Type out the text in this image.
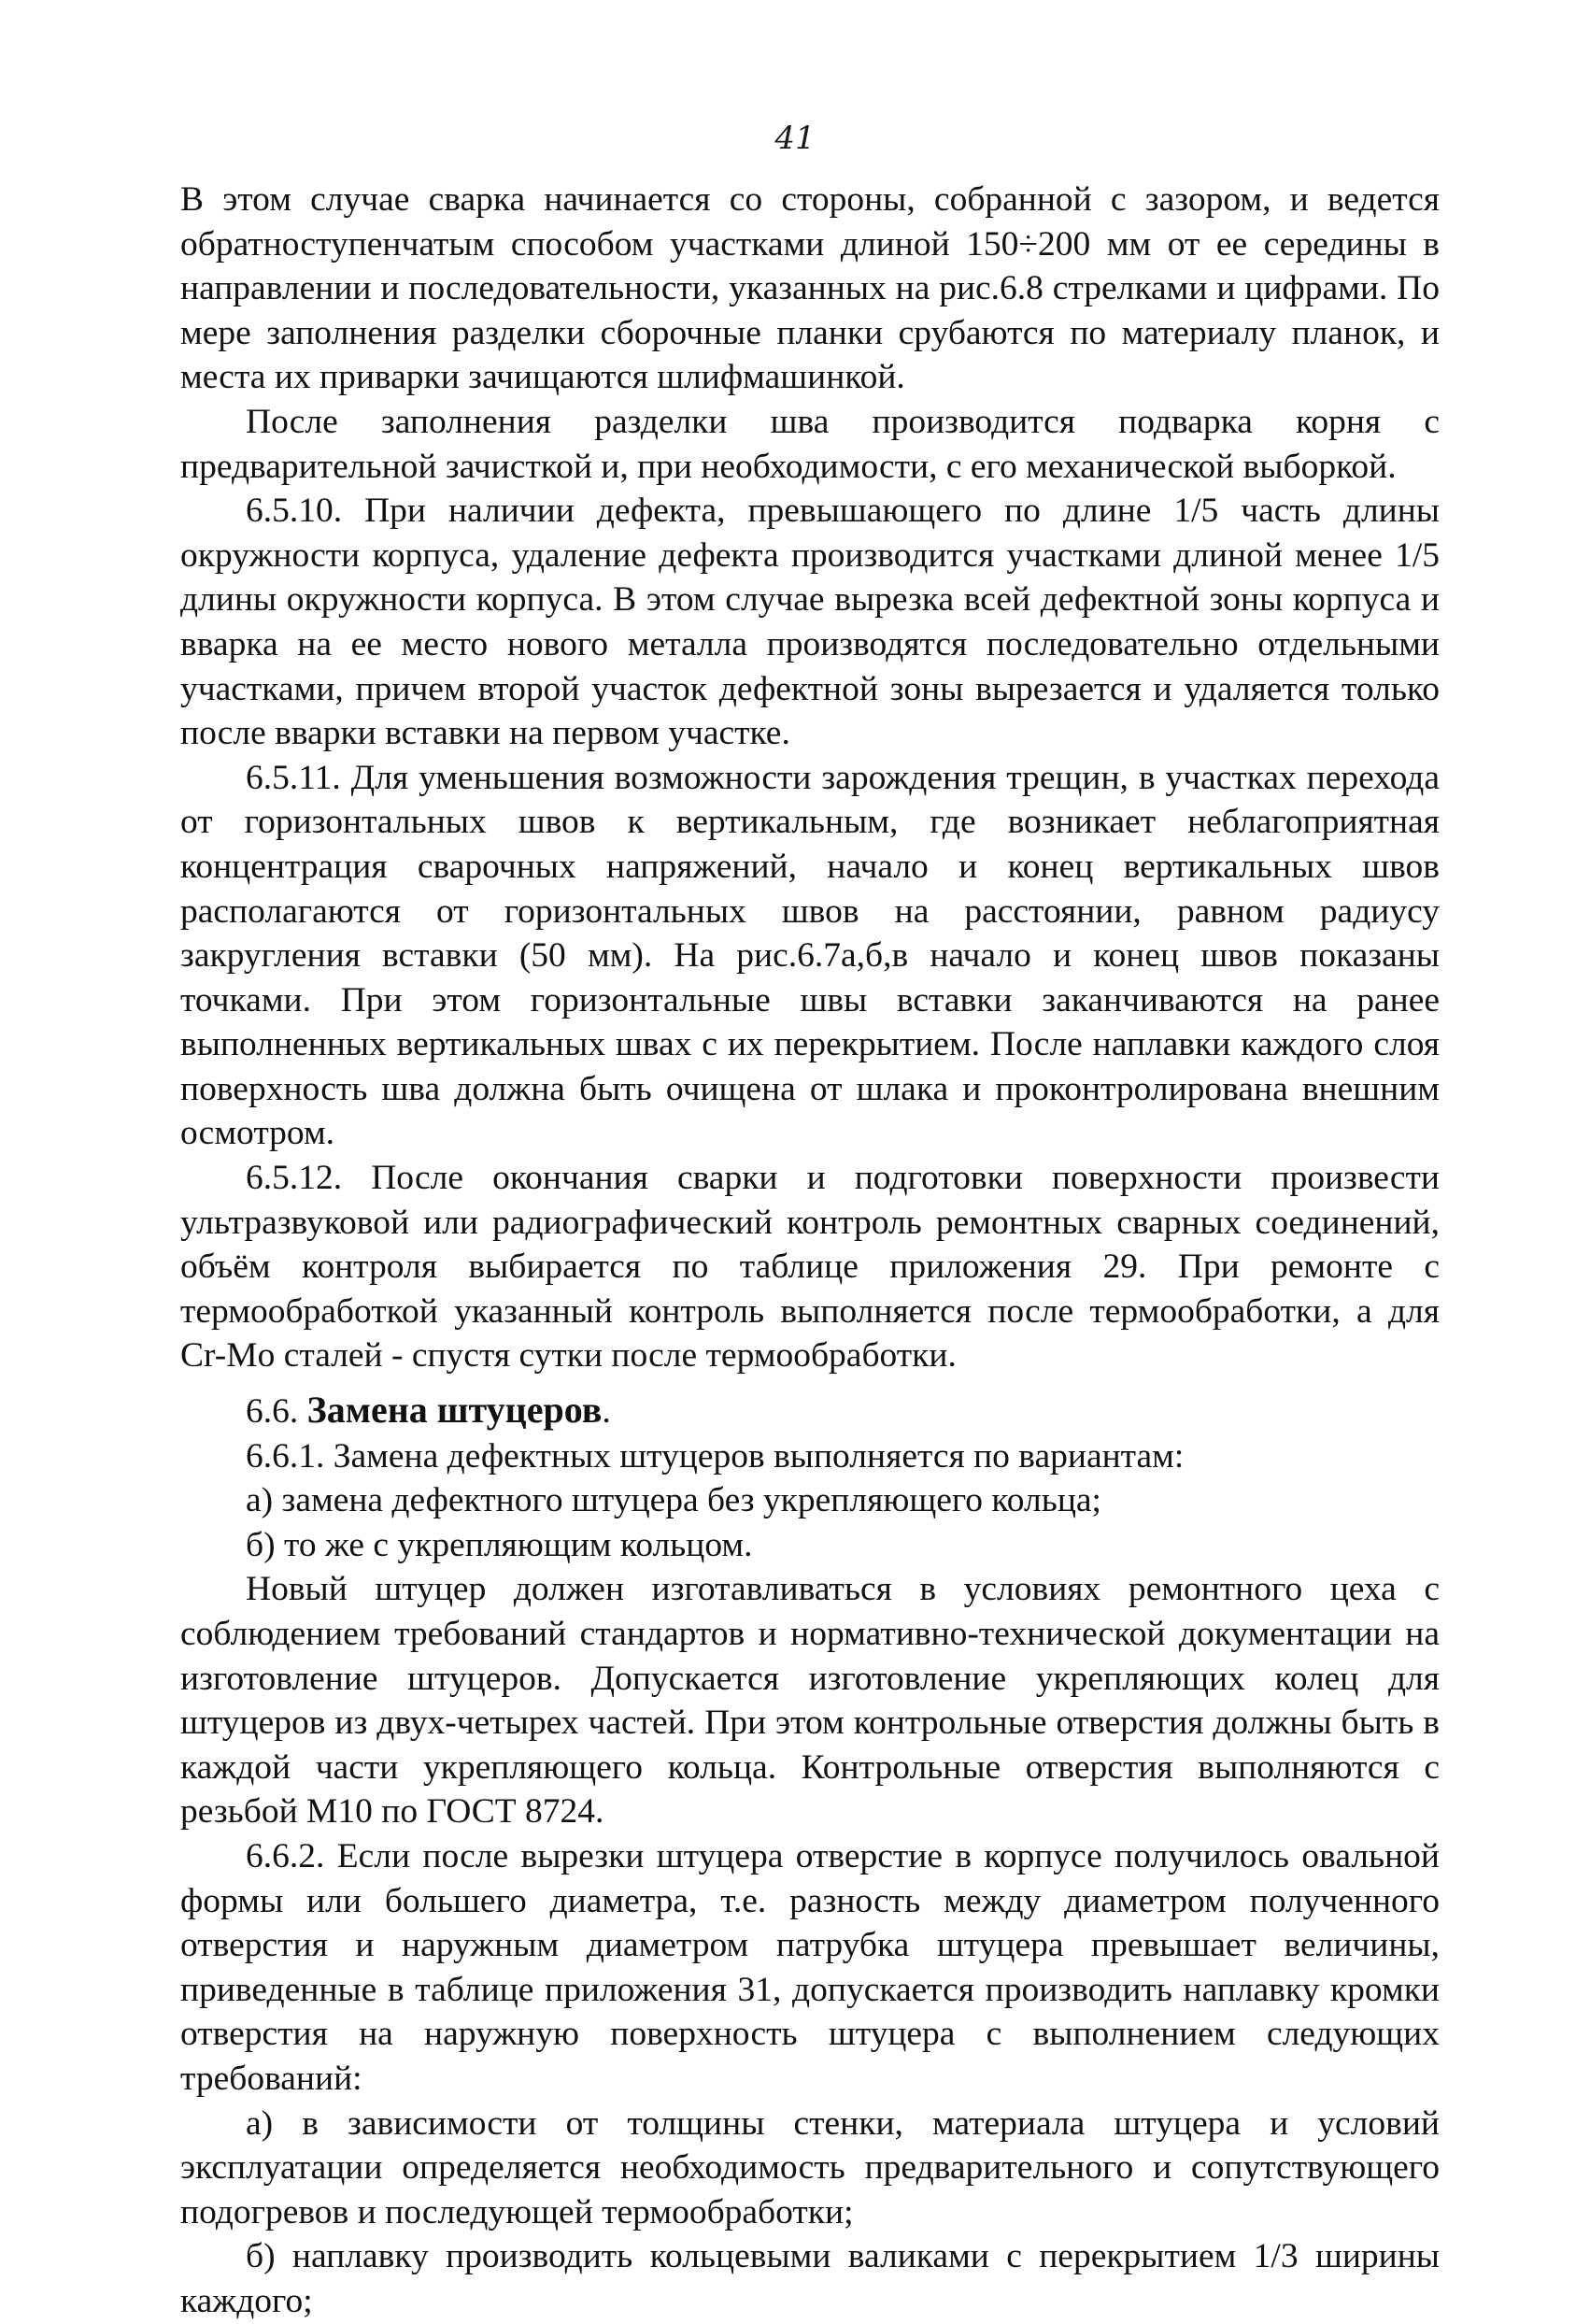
41

В этом случае сварка начинается со стороны, собранной с зазором, и ведется обратноступенчатым способом участками длиной 150÷200 мм от ее середины в направлении и последовательности, указанных на рис.6.8 стрелками и цифрами. По мере заполнения разделки сборочные планки срубаются по материалу планок, и места их приварки зачищаются шлифмашинкой.

После заполнения разделки шва производится подварка корня с предварительной зачисткой и, при необходимости, с его механической выборкой.

6.5.10. При наличии дефекта, превышающего по длине 1/5 часть длины окружности корпуса, удаление дефекта производится участками длиной менее 1/5 длины окружности корпуса. В этом случае вырезка всей дефектной зоны корпуса и вварка на ее место нового металла производятся последовательно отдельными участками, причем второй участок дефектной зоны вырезается и удаляется только после вварки вставки на первом участке.

6.5.11. Для уменьшения возможности зарождения трещин, в участках перехода от горизонтальных швов к вертикальным, где возникает неблагоприятная концентрация сварочных напряжений, начало и конец вертикальных швов располагаются от горизонтальных швов на расстоянии, равном радиусу закругления вставки (50 мм). На рис.6.7а,б,в начало и конец швов показаны точками. При этом горизонтальные швы вставки заканчиваются на ранее выполненных вертикальных швах с их перекрытием. После наплавки каждого слоя поверхность шва должна быть очищена от шлака и проконтролирована внешним осмотром.

6.5.12. После окончания сварки и подготовки поверхности произвести ультразвуковой или радиографический контроль ремонтных сварных соединений, объём контроля выбирается по таблице приложения 29. При ремонте с термообработкой указанный контроль выполняется после термообработки, а для Cr-Mo сталей - спустя сутки после термообработки.

6.6. Замена штуцеров.

6.6.1. Замена дефектных штуцеров выполняется по вариантам:

а) замена дефектного штуцера без укрепляющего кольца;

б) то же с укрепляющим кольцом.

Новый штуцер должен изготавливаться в условиях ремонтного цеха с соблюдением требований стандартов и нормативно-технической документации на изготовление штуцеров. Допускается изготовление укрепляющих колец для штуцеров из двух-четырех частей. При этом контрольные отверстия должны быть в каждой части укрепляющего кольца. Контрольные отверстия выполняются с резьбой М10 по ГОСТ 8724.

6.6.2. Если после вырезки штуцера отверстие в корпусе получилось овальной формы или большего диаметра, т.е. разность между диаметром полученного отверстия и наружным диаметром патрубка штуцера превышает величины, приведенные в таблице приложения 31, допускается производить наплавку кромки отверстия на наружную поверхность штуцера с выполнением следующих требований:

а) в зависимости от толщины стенки, материала штуцера и условий эксплуатации определяется необходимость предварительного и сопутствующего подогревов и последующей термообработки;

б) наплавку производить кольцевыми валиками с перекрытием 1/3 ширины каждого;
